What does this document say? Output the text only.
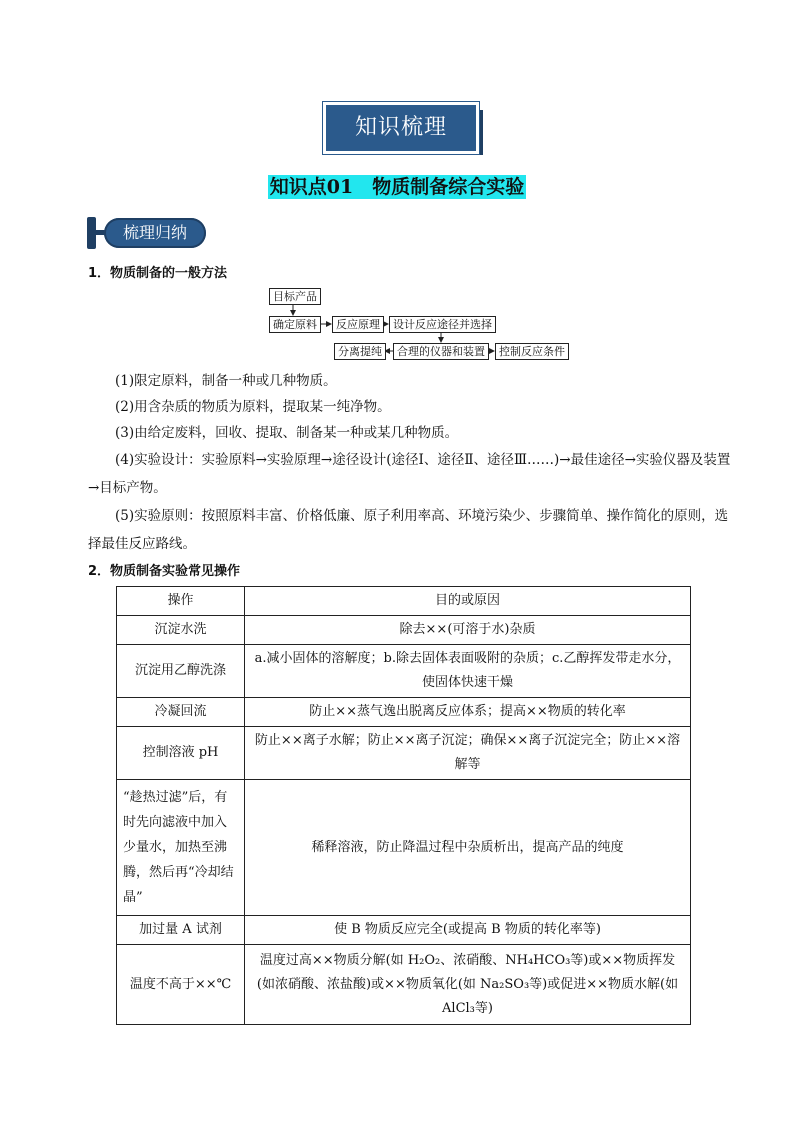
知识梳理
知识点01　物质制备综合实验
梳理归纳
1．物质制备的一般方法
目标产品
确定原料	反应原理	设计反应途径并选择
分离提纯	合理的仪器和装置	控制反应条件
(1)限定原料，制备一种或几种物质。
(2)用含杂质的物质为原料，提取某一纯净物。
(3)由给定废料，回收、提取、制备某一种或某几种物质。
(4)实验设计：实验原料→实验原理→途径设计(途径Ⅰ、途径Ⅱ、途径Ⅲ……)→最佳途径→实验仪器及装置→目标产物。
(5)实验原则：按照原料丰富、价格低廉、原子利用率高、环境污染少、步骤简单、操作简化的原则，选择最佳反应路线。
2．物质制备实验常见操作
操作	目的或原因
沉淀水洗	除去××(可溶于水)杂质
沉淀用乙醇洗涤	a.减小固体的溶解度；b.除去固体表面吸附的杂质；c.乙醇挥发带走水分，使固体快速干燥
冷凝回流	防止××蒸气逸出脱离反应体系；提高××物质的转化率
控制溶液 pH	防止××离子水解；防止××离子沉淀；确保××离子沉淀完全；防止××溶解等
“趁热过滤”后，有时先向滤液中加入少量水，加热至沸腾，然后再“冷却结晶”	稀释溶液，防止降温过程中杂质析出，提高产品的纯度
加过量 A 试剂	使 B 物质反应完全(或提高 B 物质的转化率等)
温度不高于××℃	温度过高××物质分解(如 H₂O₂、浓硝酸、NH₄HCO₃等)或××物质挥发(如浓硝酸、浓盐酸)或××物质氧化(如 Na₂SO₃等)或促进××物质水解(如 AlCl₃等)
